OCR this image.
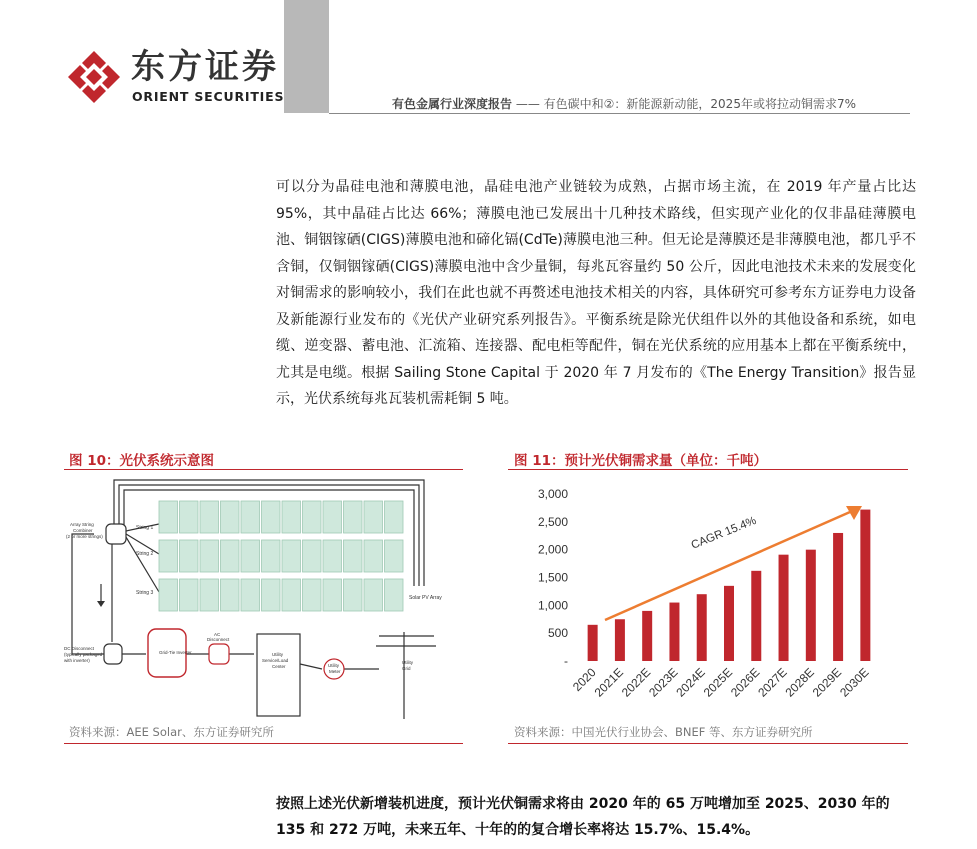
东方证券
ORIENT SECURITIES	有色金属行业深度报告 —— 有色碳中和②：新能源新动能，2025年或将拉动铜需求7%
可以分为晶硅电池和薄膜电池，晶硅电池产业链较为成熟，占据市场主流，在 2019 年产量占比达 95%，其中晶硅占比达 66%；薄膜电池已发展出十几种技术路线，但实现产业化的仅非晶硅薄膜电池、铜铟镓硒(CIGS)薄膜电池和碲化镉(CdTe)薄膜电池三种。但无论是薄膜还是非薄膜电池，都几乎不含铜，仅铜铟镓硒(CIGS)薄膜电池中含少量铜，每兆瓦容量约 50 公斤，因此电池技术未来的发展变化对铜需求的影响较小，我们在此也就不再赘述电池技术相关的内容，具体研究可参考东方证券电力设备及新能源行业发布的《光伏产业研究系列报告》。平衡系统是除光伏组件以外的其他设备和系统，如电缆、逆变器、蓄电池、汇流箱、连接器、配电柜等配件，铜在光伏系统的应用基本上都在平衡系统中，尤其是电缆。根据 Sailing Stone Capital 于 2020 年 7 月发布的《The Energy Transition》报告显示，光伏系统每兆瓦装机需耗铜 5 吨。
图 10：光伏系统示意图
Array String
Combiner
(2 or more strings)
DC Disconnect
(typically packaged
with inverter)
Grid-Tie Inverter
AC
Disconnect
Utility
Service/Load
Center	Utility
Meter
Utility
Grid
String 1
String 2
String 3
Solar PV Array
资料来源：AEE Solar、东方证券研究所
图 11：预计光伏铜需求量（单位：千吨）
3,000
2,500
2,000
1,500
1,000
500
-
2020
2021E
2022E
2023E
2024E
2025E
2026E
2027E
2028E
2029E
2030E
CAGR 15.4%
资料来源：中国光伏行业协会、BNEF 等、东方证券研究所
按照上述光伏新增装机进度，预计光伏铜需求将由 2020 年的 65 万吨增加至 2025、2030 年的 135 和 272 万吨，未来五年、十年的的复合增长率将达 15.7%、15.4%。
